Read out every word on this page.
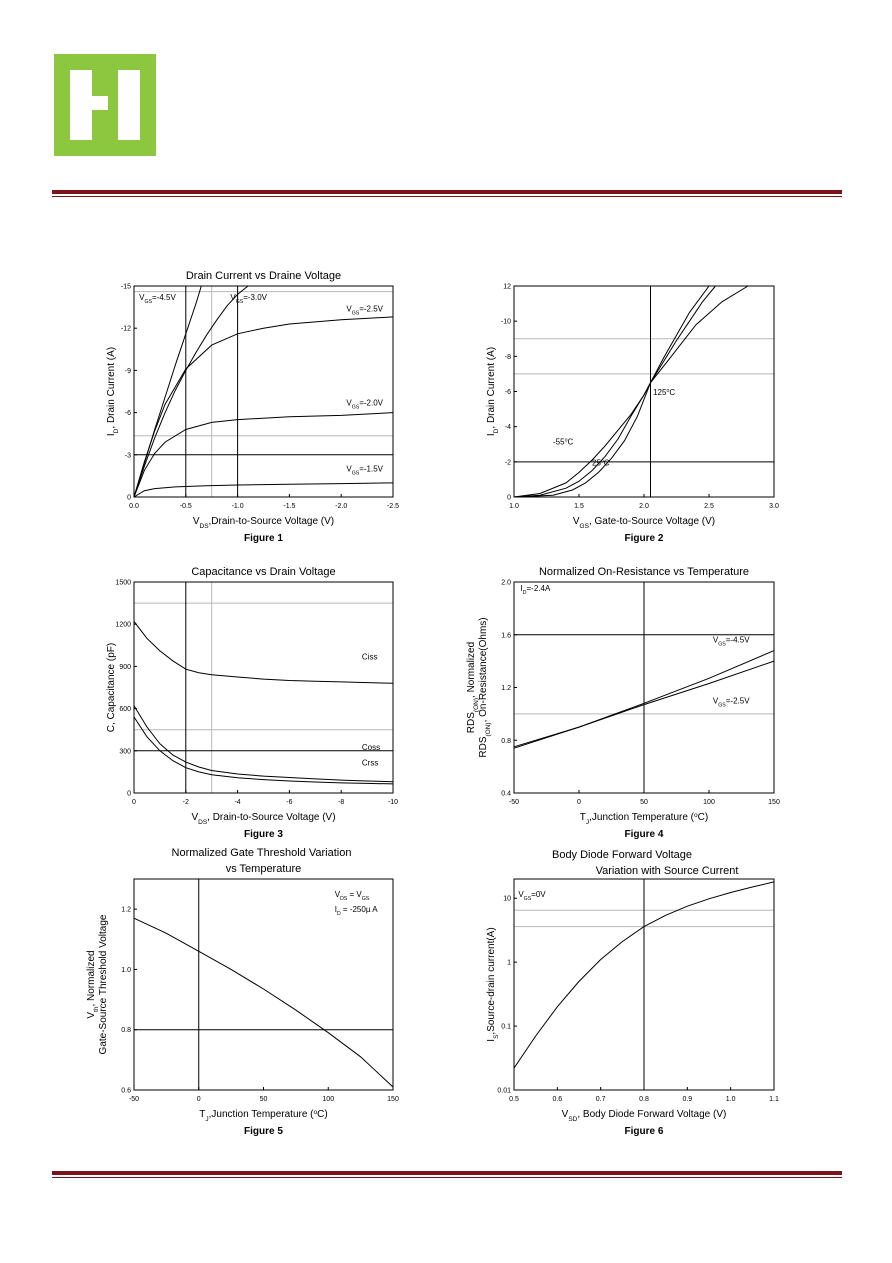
0.0	-0.5	-1.0	-1.5	-2.0	-2.5
0
-3
-6
-9
-12
-15
$V_{GS}=-4.5V$	$V_{GS}=-3.0V$
$V_{GS}=-2.5V$
$V_{GS}=-2.0V$
$V_{GS}=-1.5V$
Drain Current vs Draine Voltage
$V_{DS},Drain-to$-Source Voltage (V)
$I_D$, Drain Current (A)
Figure 1
1.0	1.5	2.0	2.5	3.0
0
-2
-4
-6
-8
-10
12
125$^o$C
-55$^o$C
25$^o$C
$V_{GS}$, Gate-to-Source Voltage (V)
$I_D$, Drain Current (A)
Figure 2
0	-2	-4	-6	-8	-10
0
300
600
900
1200
1500
Ciss
Coss
Crss
Capacitance vs Drain Voltage
$V_{DS}$, Drain-to-Source Voltage (V)
C, Capacitance (pF)
Figure 3
-50	0	50	100	150
0.4
0.8
1.2
1.6
2.0
$I_D=-2.4A$
$V_{GS}=-4.5V$
$V_{GS}=-2.5V$
Normalized On-Resistance vs Temperature
$T_J,Junction$ Temperature ($^o$C)
$RDS_{(ON)}$, Normalized
$RDS_{(ON)}$, On-Resistance(Ohms)
Figure 4
-50	0	50	100	150
0.6
0.8
1.0
1.2
$V_{DS} = V_{GS}$
$I_D = -250\mu$ A
Normalized Gate Threshold Variation
vs Temperature
$T_J,Junction$ Temperature ($^o$C)
$V_{th}$, Normalized Gate-Source Threshold Voltage
Figure 5
0.5	0.6	0.7	0.8	0.9	1.0	1.1
0.01
0.1
1
10
$V_{GS}=0V$
Body Diode Forward Voltage
Variation with Source Current
$V_{SD}$, Body Diode Forward Voltage (V)
$I_S,Source$-drain current(A)
Figure 6
